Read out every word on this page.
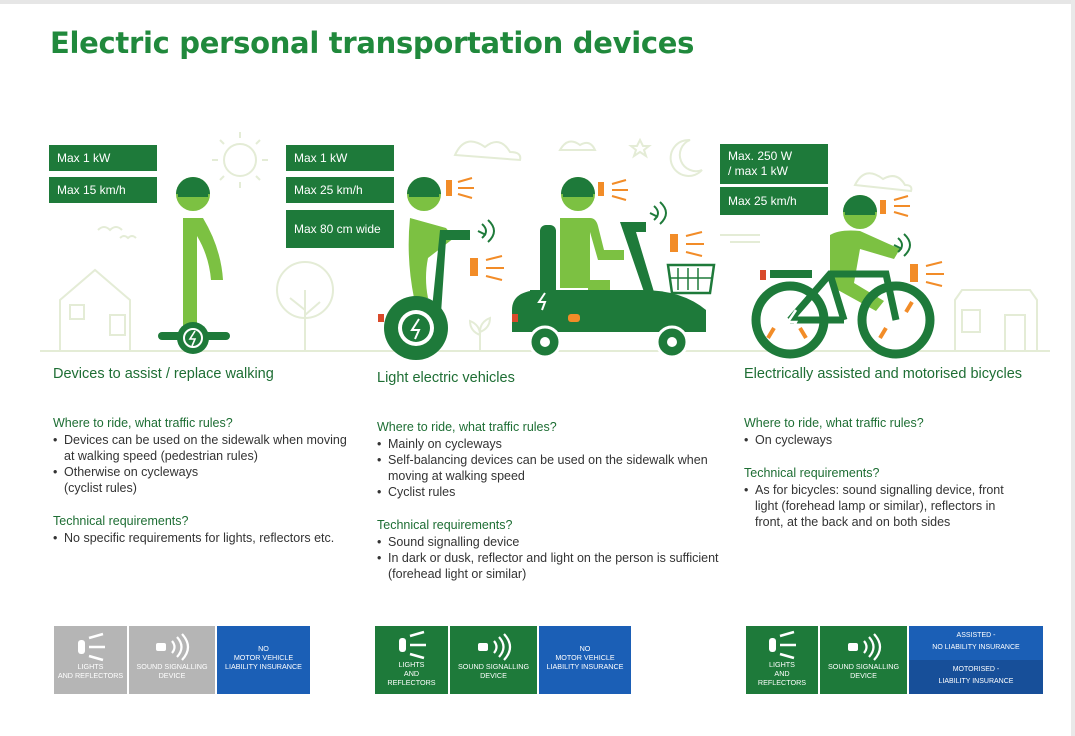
Electric personal transportation devices
Max 1 kW
Max 15 km/h
Max 1 kW
Max 25 km/h
Max 80 cm wide
Max. 250 W
/ max 1 kW
Max 25 km/h
Devices to assist / replace walking
Where to ride, what traffic rules?
• Devices can be used on the sidewalk when moving at walking speed (pedestrian rules)
• Otherwise on cycleways (cyclist rules)
Technical requirements?
• No specific requirements for lights, reflectors etc.
Light electric vehicles
Where to ride, what traffic rules?
• Mainly on cycleways
• Self-balancing devices can be used on the sidewalk when moving at walking speed
• Cyclist rules
Technical requirements?
• Sound signalling device
• In dark or dusk, reflector and light on the person is sufficient (forehead light or similar)
Electrically assisted and motorised bicycles
Where to ride, what traffic rules?
• On cycleways
Technical requirements?
• As for bicycles: sound signalling device, front light (forehead lamp or similar), reflectors in front, at the back and on both sides
LIGHTS
AND REFLECTORS
SOUND SIGNALLING
DEVICE
NO
MOTOR VEHICLE
LIABILITY INSURANCE	LIGHTS
AND
REFLECTORS
SOUND SIGNALLING
DEVICE
NO
MOTOR VEHICLE
LIABILITY INSURANCE	LIGHTS
AND
REFLECTORS
SOUND SIGNALLING
DEVICE
ASSISTED -
NO LIABILITY INSURANCE
MOTORISED -
LIABILITY INSURANCE
